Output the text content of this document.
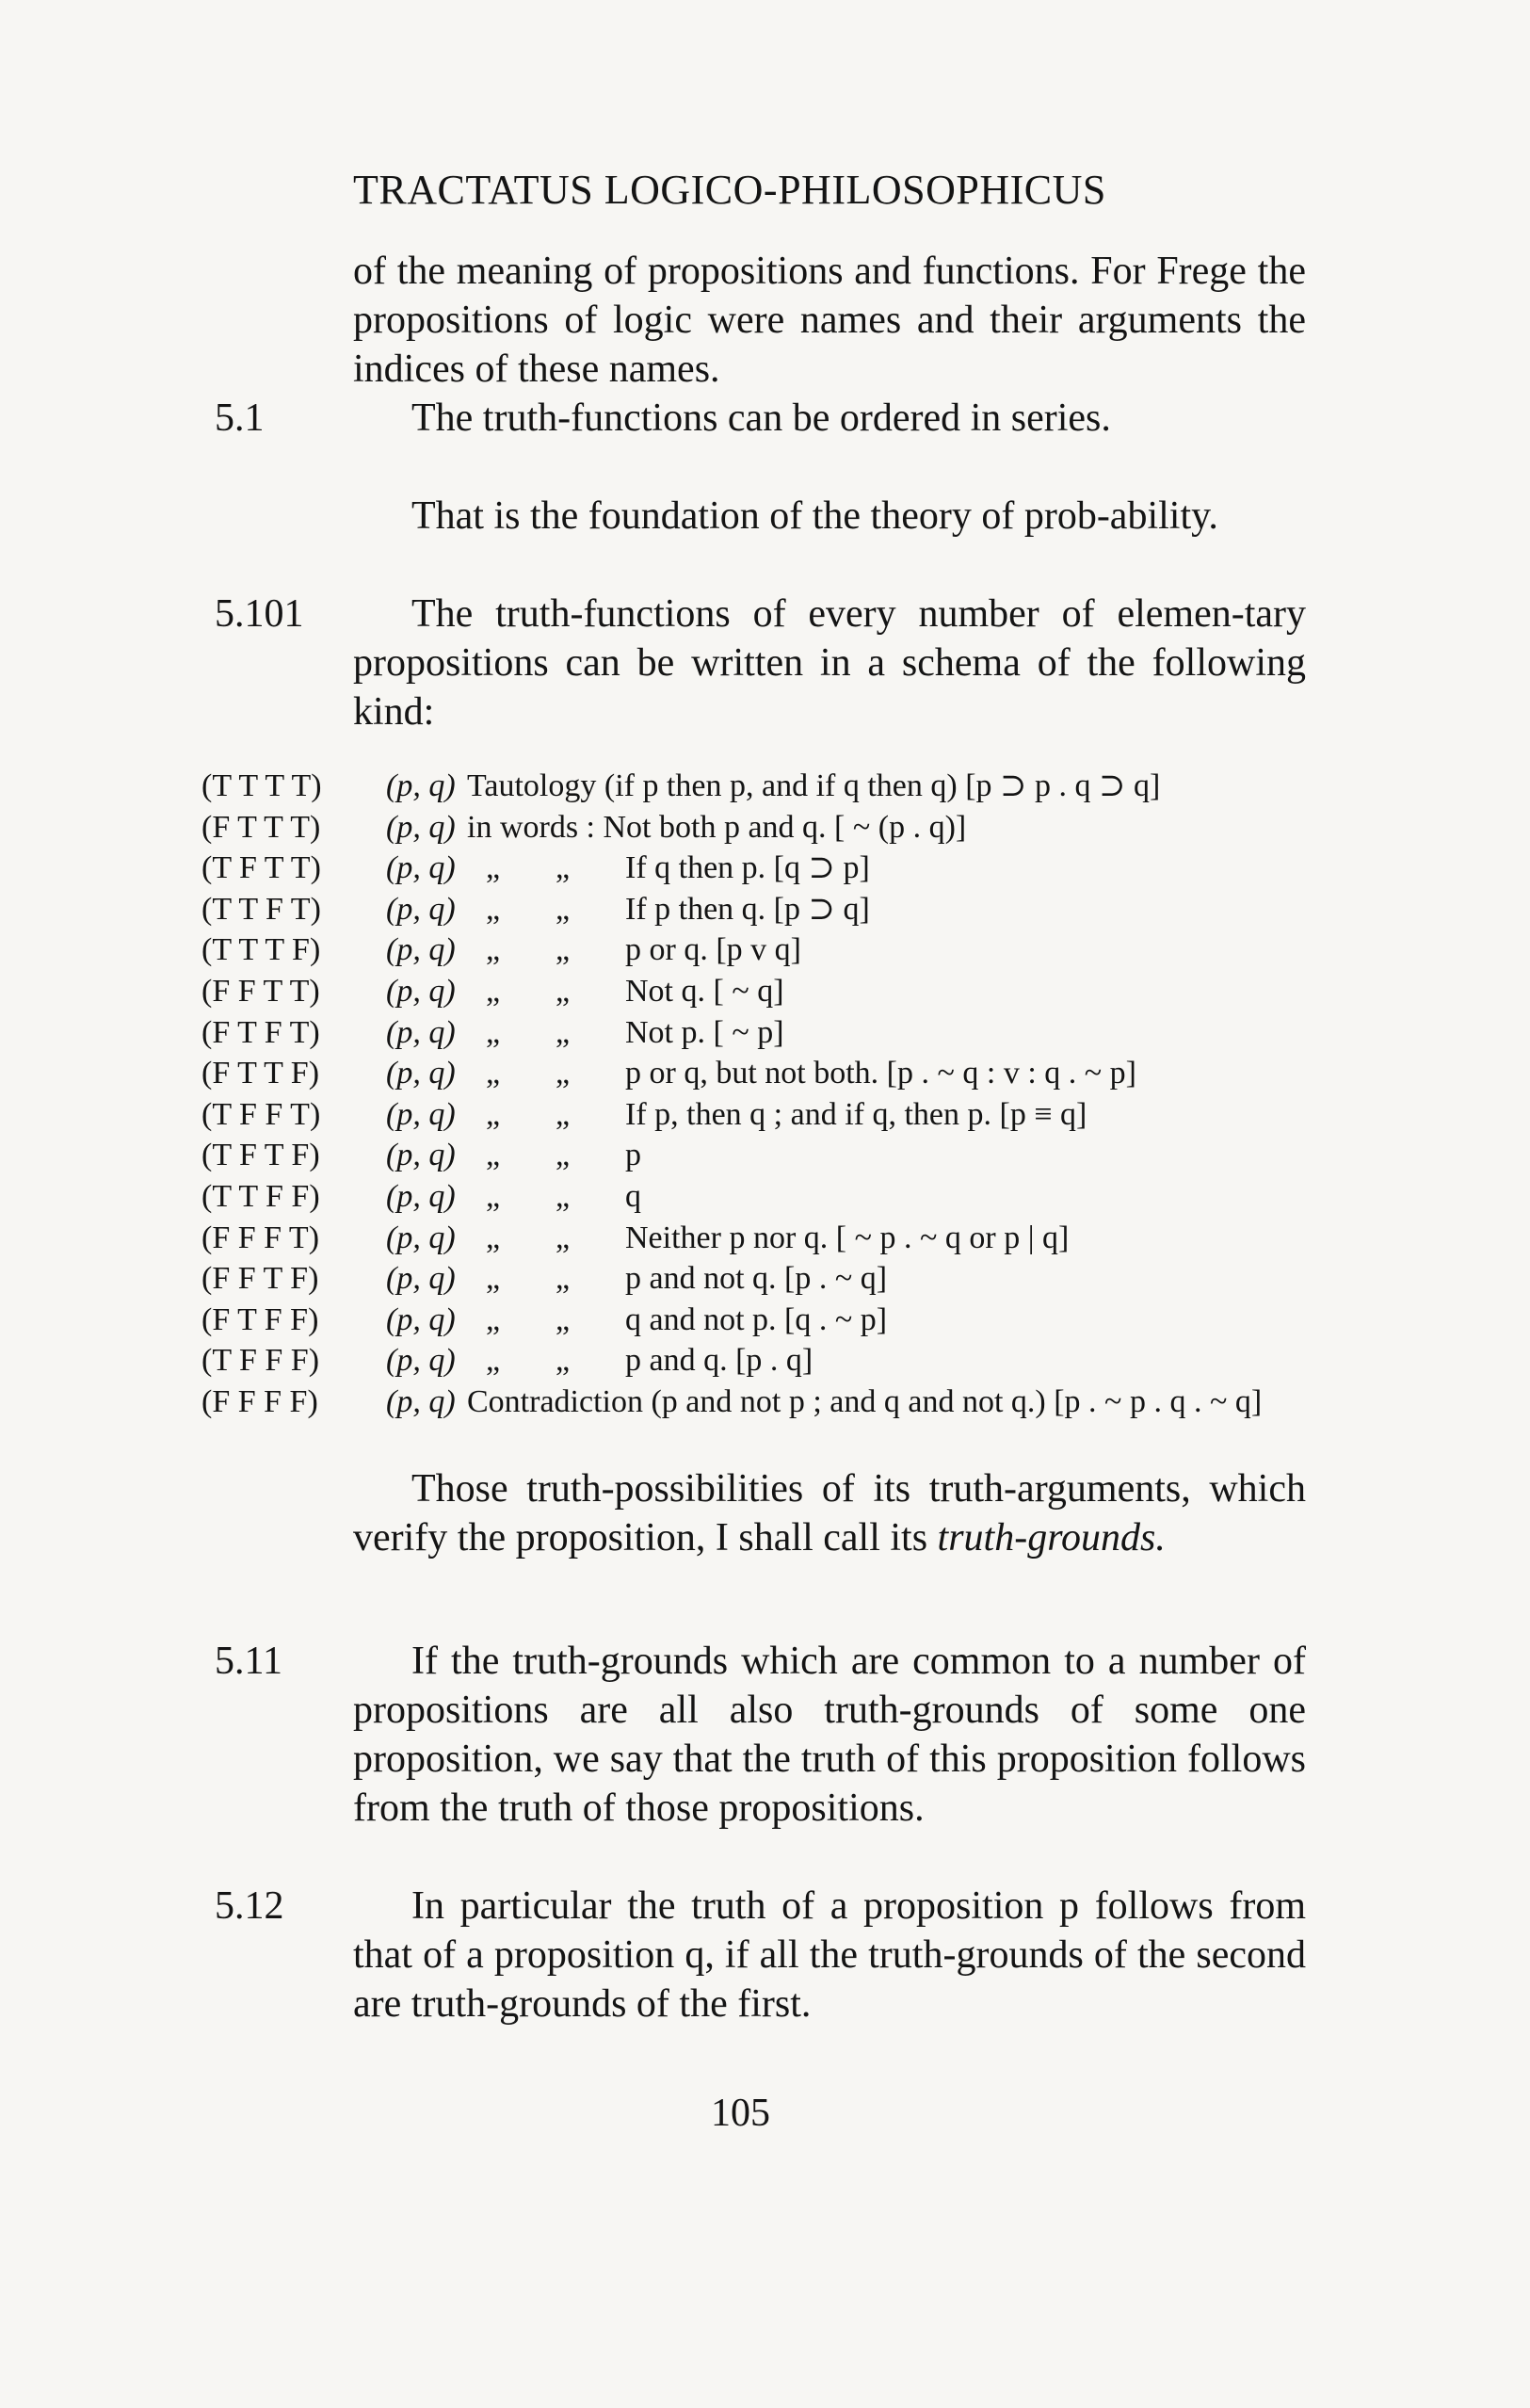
TRACTATUS LOGICO-PHILOSOPHICUS
of the meaning of propositions and functions. For Frege the propositions of logic were names and their arguments the indices of these names.
5.1	The truth-functions can be ordered in series.
That is the foundation of the theory of prob-ability.
5.101	The truth-functions of every number of elemen-tary propositions can be written in a schema of the following kind:
(T T T T) (p, q) Tautology (if p then p, and if q then q) [p ⊃ p . q ⊃ q]
(F T T T) (p, q) in words : Not both p and q. [ ~ (p . q)]
(T F T T) (p, q) „ „ If q then p. [q ⊃ p]
(T T F T) (p, q) „ „ If p then q. [p ⊃ q]
(T T T F) (p, q) „ „ p or q. [p v q]
(F F T T) (p, q) „ „ Not q. [ ~ q]
(F T F T) (p, q) „ „ Not p. [ ~ p]
(F T T F) (p, q) „ „ p or q, but not both. [p . ~ q : v : q . ~ p]
(T F F T) (p, q) „ „ If p, then q ; and if q, then p. [p ≡ q]
(T F T F) (p, q) „ „ p
(T T F F) (p, q) „ „ q
(F F F T) (p, q) „ „ Neither p nor q. [ ~ p . ~ q or p | q]
(F F T F) (p, q) „ „ p and not q. [p . ~ q]
(F T F F) (p, q) „ „ q and not p. [q . ~ p]
(T F F F) (p, q) „ „ p and q. [p . q]
(F F F F) (p, q) Contradiction (p and not p ; and q and not q.) [p . ~ p . q . ~ q]
Those truth-possibilities of its truth-arguments, which verify the proposition, I shall call its truth-grounds.
5.11	If the truth-grounds which are common to a number of propositions are all also truth-grounds of some one proposition, we say that the truth of this proposition follows from the truth of those propositions.
5.12	In particular the truth of a proposition p follows from that of a proposition q, if all the truth-grounds of the second are truth-grounds of the first.
105
